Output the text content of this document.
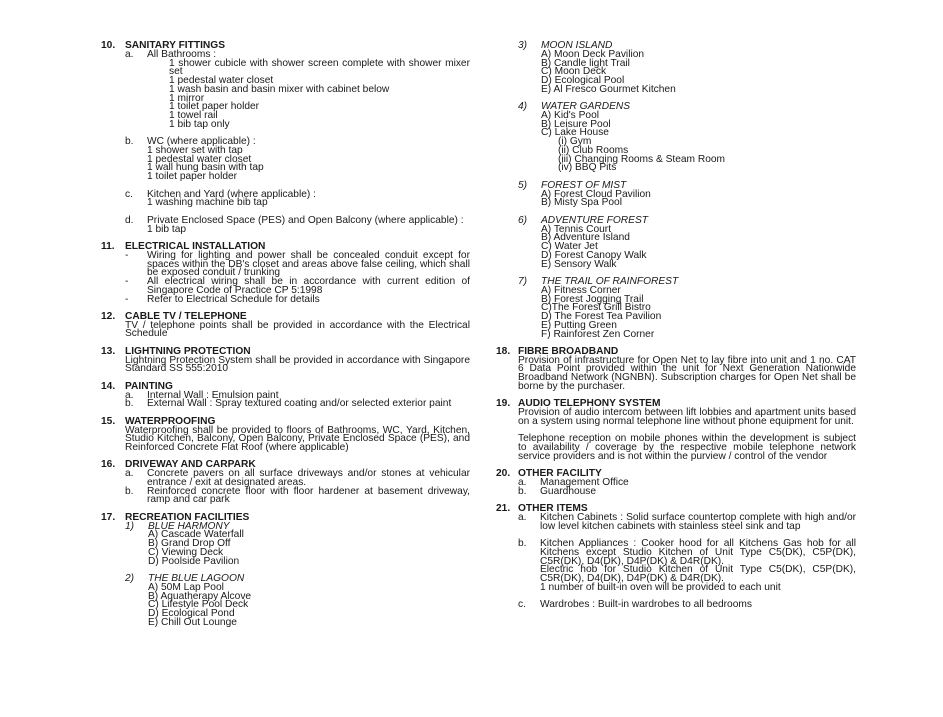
10. SANITARY FITTINGS
a. All Bathrooms :
1 shower cubicle with shower screen complete with shower mixer set
1 pedestal water closet
1 wash basin and basin mixer with cabinet below
1 mirror
1 toilet paper holder
1 towel rail
1 bib tap only
b. WC (where applicable) :
1 shower set with tap
1 pedestal water closet
1 wall hung basin with tap
1 toilet paper holder
c. Kitchen and Yard (where applicable) :
1 washing machine bib tap
d. Private Enclosed Space (PES) and Open Balcony (where applicable) :
1 bib tap
11. ELECTRICAL INSTALLATION
- Wiring for lighting and power shall be concealed conduit except for spaces within the DB's closet and areas above false ceiling, which shall be exposed conduit / trunking
- All electrical wiring shall be in accordance with current edition of Singapore Code of Practice CP 5:1998
- Refer to Electrical Schedule for details
12. CABLE TV / TELEPHONE
TV / telephone points shall be provided in accordance with the Electrical Schedule
13. LIGHTNING PROTECTION
Lightning Protection System shall be provided in accordance with Singapore Standard SS 555:2010
14. PAINTING
a. Internal Wall : Emulsion paint
b. External Wall : Spray textured coating and/or selected exterior paint
15. WATERPROOFING
Waterproofing shall be provided to floors of Bathrooms, WC, Yard, Kitchen, Studio Kitchen, Balcony, Open Balcony, Private Enclosed Space (PES), and Reinforced Concrete Flat Roof (where applicable)
16. DRIVEWAY AND CARPARK
a. Concrete pavers on all surface driveways and/or stones at vehicular entrance / exit at designated areas.
b. Reinforced concrete floor with floor hardener at basement driveway, ramp and car park
17. RECREATION FACILITIES
1) BLUE HARMONY
A) Cascade Waterfall
B) Grand Drop Off
C) Viewing Deck
D) Poolside Pavilion
2) THE BLUE LAGOON
A) 50M Lap Pool
B) Aquatherapy Alcove
C) Lifestyle Pool Deck
D) Ecological Pond
E) Chill Out Lounge
3) MOON ISLAND
A) Moon Deck Pavilion
B) Candle light Trail
C) Moon Deck
D) Ecological Pool
E) Al Fresco Gourmet Kitchen
4) WATER GARDENS
A) Kid's Pool
B) Leisure Pool
C) Lake House
(i) Gym
(ii) Club Rooms
(iii) Changing Rooms & Steam Room
(iv) BBQ Pits
5) FOREST OF MIST
A) Forest Cloud Pavilion
B) Misty Spa Pool
6) ADVENTURE FOREST
A) Tennis Court
B) Adventure Island
C) Water Jet
D) Forest Canopy Walk
E) Sensory Walk
7) THE TRAIL OF RAINFOREST
A) Fitness Corner
B) Forest Jogging Trail
C)The Forest Grill Bistro
D) The Forest Tea Pavilion
E) Putting Green
F) Rainforest Zen Corner
18. FIBRE BROADBAND
Provision of infrastructure for Open Net to lay fibre into unit and 1 no. CAT 6 Data Point provided within the unit for Next Generation Nationwide Broadband Network (NGNBN). Subscription charges for Open Net shall be borne by the purchaser.
19. AUDIO TELEPHONY SYSTEM
Provision of audio intercom between lift lobbies and apartment units based on a system using normal telephone line without phone equipment for unit.
Telephone reception on mobile phones within the development is subject to availability / coverage by the respective mobile telephone network service providers and is not within the purview / control of the vendor
20. OTHER FACILITY
a. Management Office
b. Guardhouse
21. OTHER ITEMS
a. Kitchen Cabinets : Solid surface countertop complete with high and/or low level kitchen cabinets with stainless steel sink and tap
b. Kitchen Appliances : Cooker hood for all Kitchens Gas hob for all Kitchens except Studio Kitchen of Unit Type C5(DK), C5P(DK), C5R(DK), D4(DK), D4P(DK) & D4R(DK).
Electric hob for Studio Kitchen of Unit Type C5(DK), C5P(DK), C5R(DK), D4(DK), D4P(DK) & D4R(DK).
1 number of built-in oven will be provided to each unit
c. Wardrobes : Built-in wardrobes to all bedrooms
